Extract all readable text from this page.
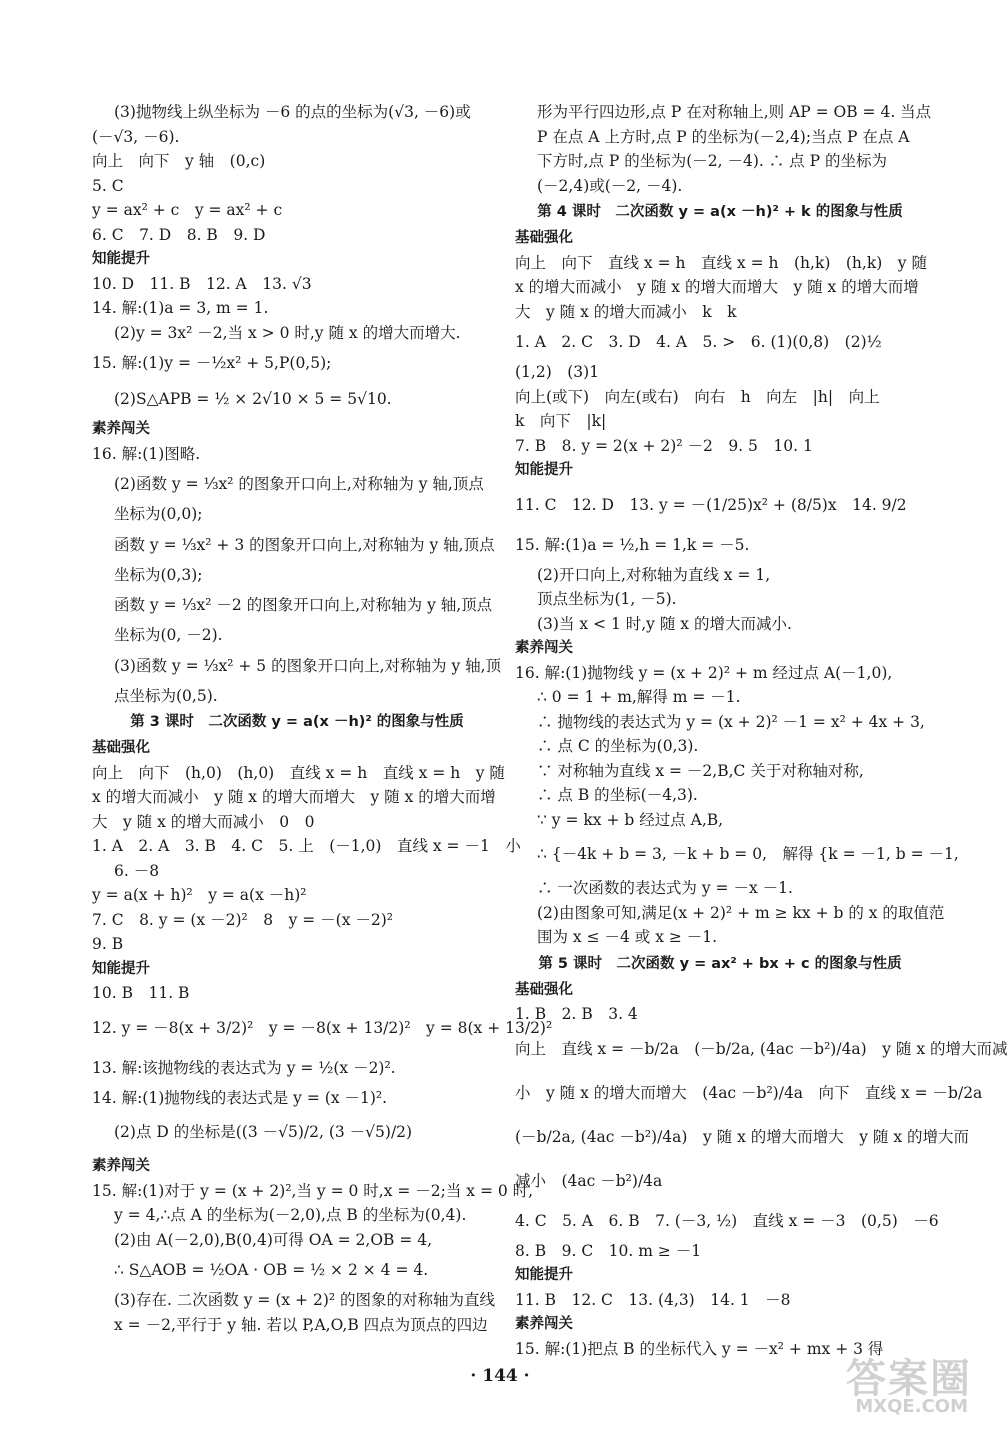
(3)抛物线上纵坐标为 －6 的点的坐标为(√3, －6)或
(－√3, －6).
向上　向下　y 轴　(0,c)
5. C
y = ax² + c　y = ax² + c
6. C　7. D　8. B　9. D
知能提升
10. D　11. B　12. A　13. √3
14. 解:(1)a = 3, m = 1.
(2)y = 3x² －2,当 x > 0 时,y 随 x 的增大而增大.
15. 解:(1)y = －½x² + 5,P(0,5);
(2)S△APB = ½ × 2√10 × 5 = 5√10.
素养闯关
16. 解:(1)图略.
(2)函数 y = ⅓x² 的图象开口向上,对称轴为 y 轴,顶点
坐标为(0,0);
函数 y = ⅓x² + 3 的图象开口向上,对称轴为 y 轴,顶点
坐标为(0,3);
函数 y = ⅓x² －2 的图象开口向上,对称轴为 y 轴,顶点
坐标为(0, －2).
(3)函数 y = ⅓x² + 5 的图象开口向上,对称轴为 y 轴,顶
点坐标为(0,5).
第 3 课时　二次函数 y = a(x －h)² 的图象与性质
基础强化
向上　向下　(h,0)　(h,0)　直线 x = h　直线 x = h　y 随
x 的增大而减小　y 随 x 的增大而增大　y 随 x 的增大而增
大　y 随 x 的增大而减小　0　0
1. A　2. A　3. B　4. C　5. 上　(－1,0)　直线 x = －1　小
6. －8
y = a(x + h)²　y = a(x －h)²
7. C　8. y = (x －2)²　8　y = －(x －2)²
9. B
知能提升
10. B　11. B
12. y = －8(x + 3/2)²　y = －8(x + 13/2)²　y = 8(x + 13/2)²
13. 解:该抛物线的表达式为 y = ½(x －2)².
14. 解:(1)抛物线的表达式是 y = (x －1)².
(2)点 D 的坐标是((3 －√5)/2, (3 －√5)/2)
素养闯关
15. 解:(1)对于 y = (x + 2)²,当 y = 0 时,x = －2;当 x = 0 时,
y = 4,∴点 A 的坐标为(－2,0),点 B 的坐标为(0,4).
(2)由 A(－2,0),B(0,4)可得 OA = 2,OB = 4,
∴ S△AOB = ½OA · OB = ½ × 2 × 4 = 4.
(3)存在. 二次函数 y = (x + 2)² 的图象的对称轴为直线
x = －2,平行于 y 轴. 若以 P,A,O,B 四点为顶点的四边
形为平行四边形,点 P 在对称轴上,则 AP = OB = 4. 当点
P 在点 A 上方时,点 P 的坐标为(－2,4);当点 P 在点 A
下方时,点 P 的坐标为(－2, －4). ∴ 点 P 的坐标为
(－2,4)或(－2, －4).
第 4 课时　二次函数 y = a(x －h)² + k 的图象与性质
基础强化
向上　向下　直线 x = h　直线 x = h　(h,k)　(h,k)　y 随
x 的增大而减小　y 随 x 的增大而增大　y 随 x 的增大而增
大　y 随 x 的增大而减小　k　k
1. A　2. C　3. D　4. A　5. >　6. (1)(0,8)　(2)½
(1,2)　(3)1
向上(或下)　向左(或右)　向右　h　向左　|h|　向上
k　向下　|k|
7. B　8. y = 2(x + 2)² －2　9. 5　10. 1
知能提升
11. C　12. D　13. y = －(1/25)x² + (8/5)x　14. 9/2
15. 解:(1)a = ½,h = 1,k = －5.
(2)开口向上,对称轴为直线 x = 1,
顶点坐标为(1, －5).
(3)当 x < 1 时,y 随 x 的增大而减小.
素养闯关
16. 解:(1)抛物线 y = (x + 2)² + m 经过点 A(－1,0),
∴ 0 = 1 + m,解得 m = －1.
∴ 抛物线的表达式为 y = (x + 2)² －1 = x² + 4x + 3,
∴ 点 C 的坐标为(0,3).
∵ 对称轴为直线 x = －2,B,C 关于对称轴对称,
∴ 点 B 的坐标(－4,3).
∵ y = kx + b 经过点 A,B,
∴ {－4k + b = 3, －k + b = 0,　解得 {k = －1, b = －1,
∴ 一次函数的表达式为 y = －x －1.
(2)由图象可知,满足(x + 2)² + m ≥ kx + b 的 x 的取值范
围为 x ≤ －4 或 x ≥ －1.
第 5 课时　二次函数 y = ax² + bx + c 的图象与性质
基础强化
1. B　2. B　3. 4
向上　直线 x = －b/2a　(－b/2a, (4ac －b²)/4a)　y 随 x 的增大而减
小　y 随 x 的增大而增大　(4ac －b²)/4a　向下　直线 x = －b/2a
(－b/2a, (4ac －b²)/4a)　y 随 x 的增大而增大　y 随 x 的增大而
减小　(4ac －b²)/4a
4. C　5. A　6. B　7. (－3, ½)　直线 x = －3　(0,5)　－6
8. B　9. C　10. m ≥ －1
知能提升
11. B　12. C　13. (4,3)　14. 1　－8
素养闯关
15. 解:(1)把点 B 的坐标代入 y = －x² + mx + 3 得
· 144 ·	答案圈
MXQE.COM
